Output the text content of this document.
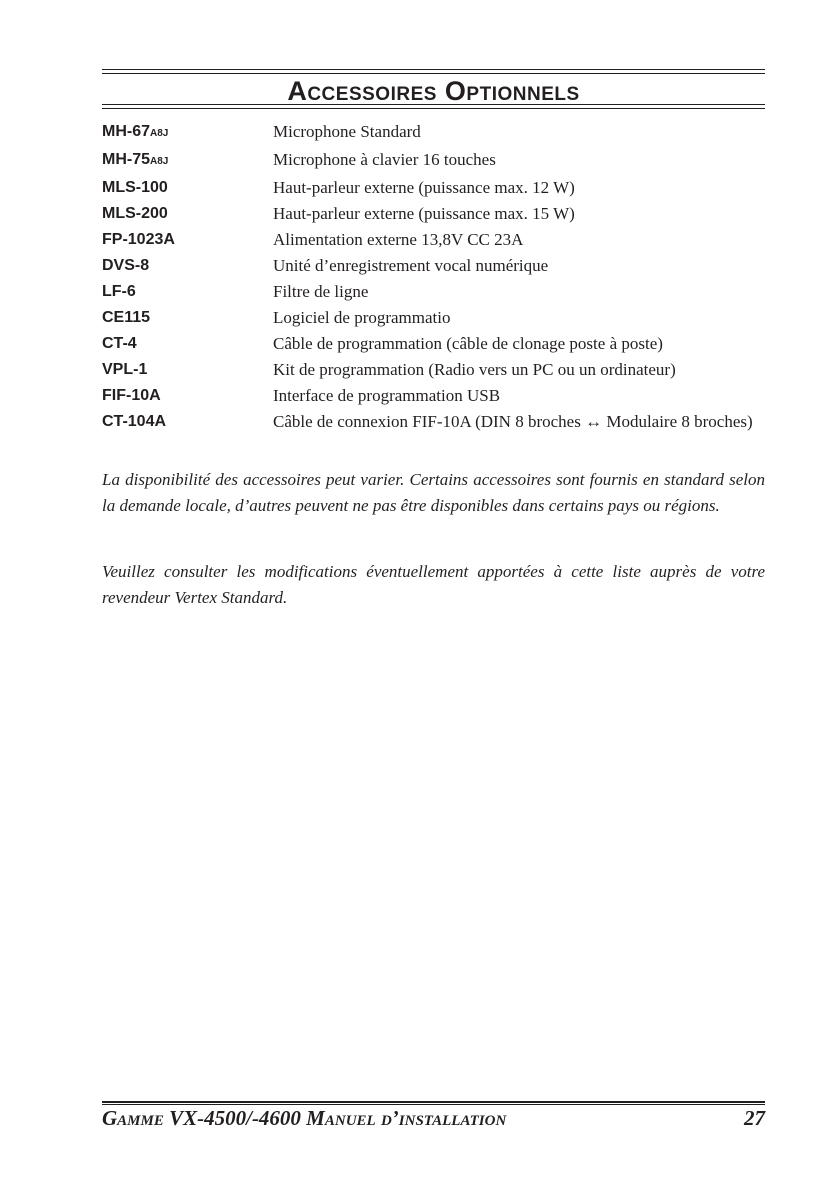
Accessoires Optionnels
MH-67A8J	Microphone Standard
MH-75A8J	Microphone à clavier 16 touches
MLS-100	Haut-parleur externe (puissance max. 12 W)
MLS-200	Haut-parleur externe (puissance max. 15 W)
FP-1023A	Alimentation externe 13,8V CC 23A
DVS-8	Unité d’enregistrement vocal numérique
LF-6	Filtre de ligne
CE115	Logiciel de programmatio
CT-4	Câble de programmation (câble de clonage poste à poste)
VPL-1	Kit de programmation (Radio vers un PC ou un ordinateur)
FIF-10A	Interface de programmation USB
CT-104A	Câble de connexion FIF-10A (DIN 8 broches ↔ Modulaire 8 broches)

La disponibilité des accessoires peut varier. Certains accessoires sont fournis en standard selon la demande locale, d’autres peuvent ne pas être disponibles dans certains pays ou régions.

Veuillez consulter les modifications éventuellement apportées à cette liste auprès de votre revendeur Vertex Standard.

Gamme VX-4500/-4600 Manuel d’installation	27
